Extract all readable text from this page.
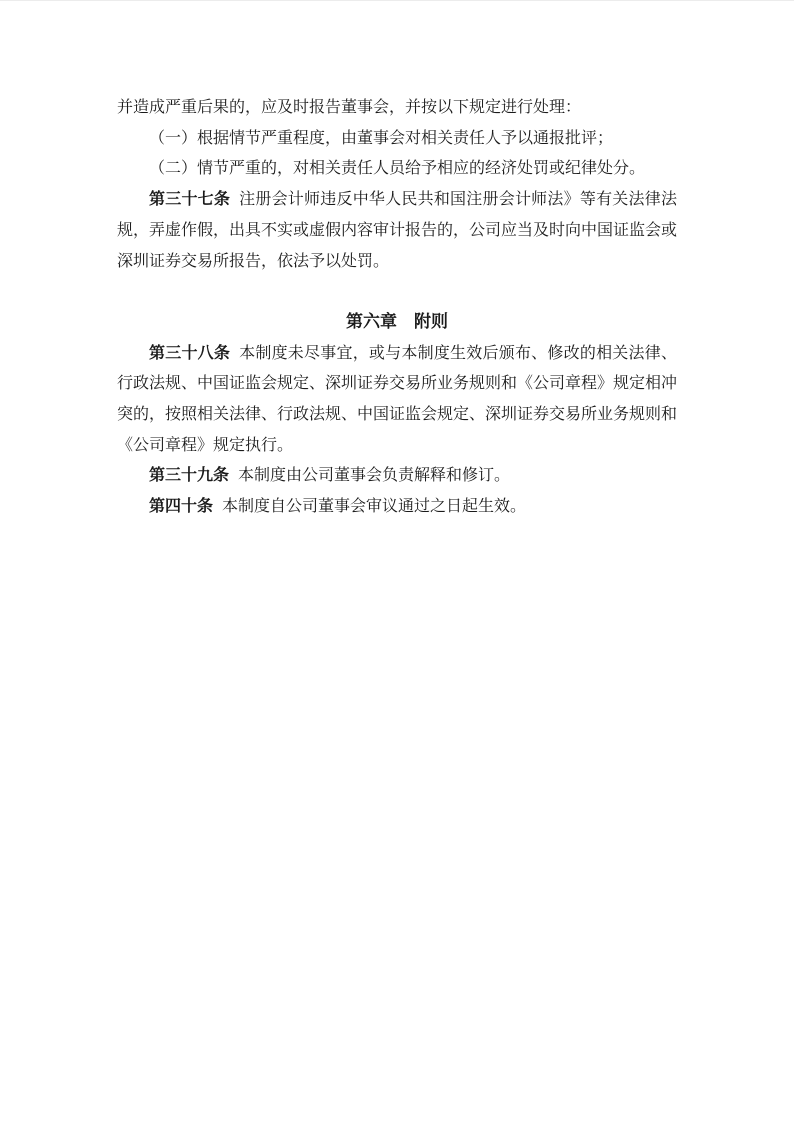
并造成严重后果的，应及时报告董事会，并按以下规定进行处理：

（一）根据情节严重程度，由董事会对相关责任人予以通报批评；

（二）情节严重的，对相关责任人员给予相应的经济处罚或纪律处分。

第三十七条 注册会计师违反中华人民共和国注册会计师法》等有关法律法规，弄虚作假，出具不实或虚假内容审计报告的，公司应当及时向中国证监会或深圳证券交易所报告，依法予以处罚。

第六章　附则

第三十八条 本制度未尽事宜，或与本制度生效后颁布、修改的相关法律、行政法规、中国证监会规定、深圳证券交易所业务规则和《公司章程》规定相冲突的，按照相关法律、行政法规、中国证监会规定、深圳证券交易所业务规则和《公司章程》规定执行。

第三十九条 本制度由公司董事会负责解释和修订。

第四十条 本制度自公司董事会审议通过之日起生效。
